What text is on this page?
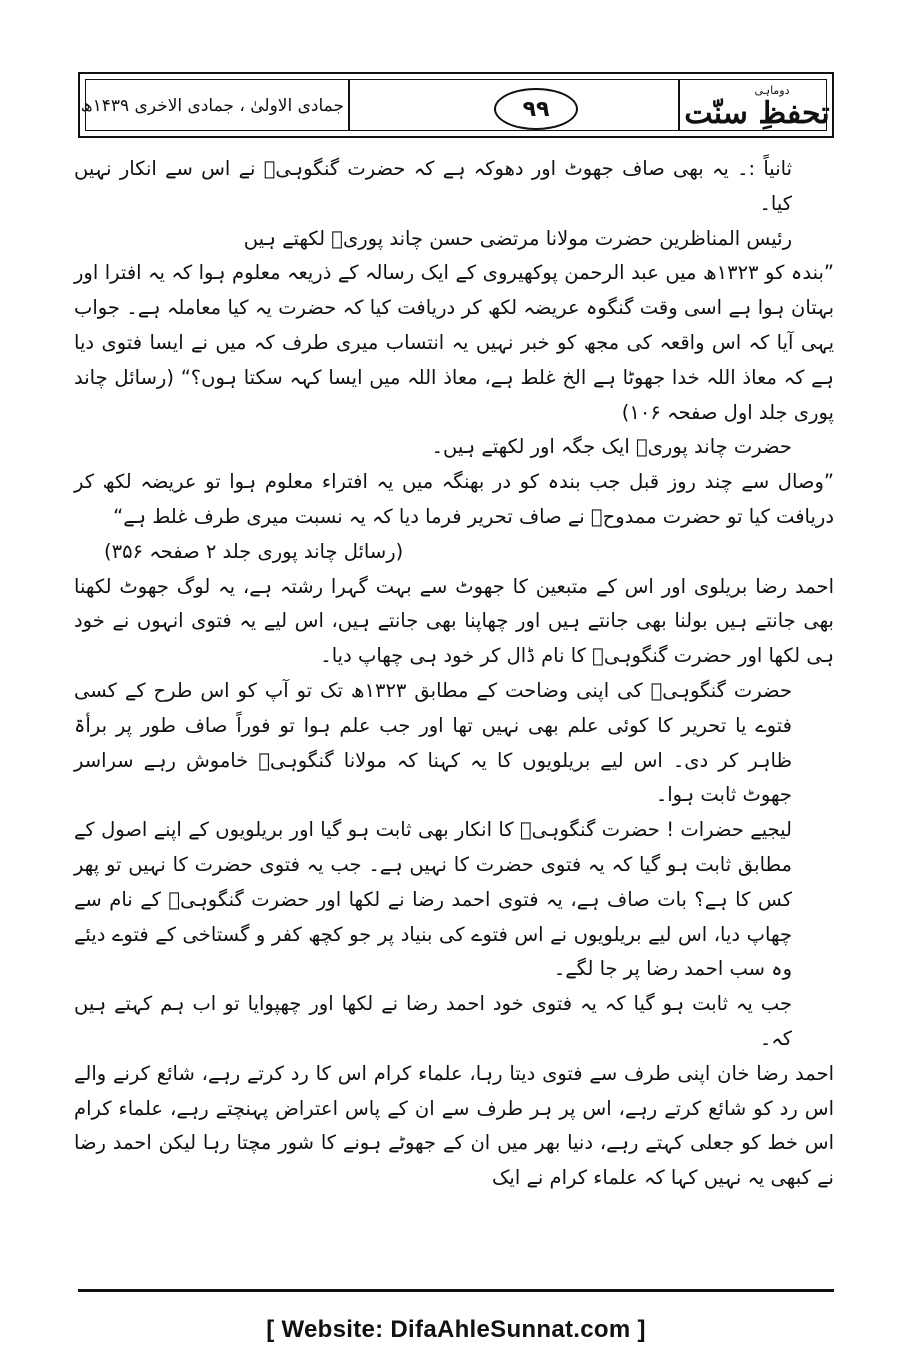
جمادی الاولیٰ ، جمادی الاخری ۱۴۳۹ھ	٩٩
دوماہی
تحفظِ سنّت

ثانیاً :۔ یہ بھی صاف جھوٹ اور دھوکہ ہے کہ حضرت گنگوہیؒ نے اس سے انکار نہیں کیا۔

رئیس المناظرین حضرت مولانا مرتضی حسن چاند پوریؒ لکھتے ہیں

”بندہ کو ۱۳۲۳ھ میں عبد الرحمن پوکھیروی کے ایک رسالہ کے ذریعہ معلوم ہوا کہ یہ افترا اور بہتان ہوا ہے اسی وقت گنگوہ عریضہ لکھ کر دریافت کیا کہ حضرت یہ کیا معاملہ ہے۔ جواب یہی آیا کہ اس واقعہ کی مجھ کو خبر نہیں یہ انتساب میری طرف کہ میں نے ایسا فتوی دیا ہے کہ معاذ اللہ خدا جھوٹا ہے الخ غلط ہے، معاذ اللہ میں ایسا کہہ سکتا ہوں؟“ (رسائل چاند پوری جلد اول صفحہ ۱۰۶)

حضرت چاند پوریؒ ایک جگہ اور لکھتے ہیں۔

”وصال سے چند روز قبل جب بندہ کو در بھنگہ میں یہ افتراء معلوم ہوا تو عریضہ لکھ کر دریافت کیا تو حضرت ممدوحؒ نے صاف تحریر فرما دیا کہ یہ نسبت میری طرف غلط ہے“

(رسائل چاند پوری جلد ۲ صفحہ ۳۵۶)

احمد رضا بریلوی اور اس کے متبعین کا جھوٹ سے بہت گہرا رشتہ ہے، یہ لوگ جھوٹ لکھنا بھی جانتے ہیں بولنا بھی جانتے ہیں اور چھاپنا بھی جانتے ہیں، اس لیے یہ فتوی انہوں نے خود ہی لکھا اور حضرت گنگوہیؒ کا نام ڈال کر خود ہی چھاپ دیا۔

حضرت گنگوہیؒ کی اپنی وضاحت کے مطابق ۱۳۲۳ھ تک تو آپ کو اس طرح کے کسی فتوے یا تحریر کا کوئی علم بھی نہیں تھا اور جب علم ہوا تو فوراً صاف طور پر برأۃ ظاہر کر دی۔ اس لیے بریلویوں کا یہ کہنا کہ مولانا گنگوہیؒ خاموش رہے سراسر جھوٹ ثابت ہوا۔

لیجیے حضرات ! حضرت گنگوہیؒ کا انکار بھی ثابت ہو گیا اور بریلویوں کے اپنے اصول کے مطابق ثابت ہو گیا کہ یہ فتوی حضرت کا نہیں ہے۔ جب یہ فتوی حضرت کا نہیں تو پھر کس کا ہے؟ بات صاف ہے، یہ فتوی احمد رضا نے لکھا اور حضرت گنگوہیؒ کے نام سے چھاپ دیا، اس لیے بریلویوں نے اس فتوے کی بنیاد پر جو کچھ کفر و گستاخی کے فتوے دیئے وہ سب احمد رضا پر جا لگے۔

جب یہ ثابت ہو گیا کہ یہ فتوی خود احمد رضا نے لکھا اور چھپوایا تو اب ہم کہتے ہیں کہ۔

احمد رضا خان اپنی طرف سے فتوی دیتا رہا، علماء کرام اس کا رد کرتے رہے، شائع کرنے والے اس رد کو شائع کرتے رہے، اس پر ہر طرف سے ان کے پاس اعتراض پہنچتے رہے، علماء کرام اس خط کو جعلی کہتے رہے، دنیا بھر میں ان کے جھوٹے ہونے کا شور مچتا رہا لیکن احمد رضا نے کبھی یہ نہیں کہا کہ علماء کرام نے ایک

[ Website: DifaAhleSunnat.com ]
